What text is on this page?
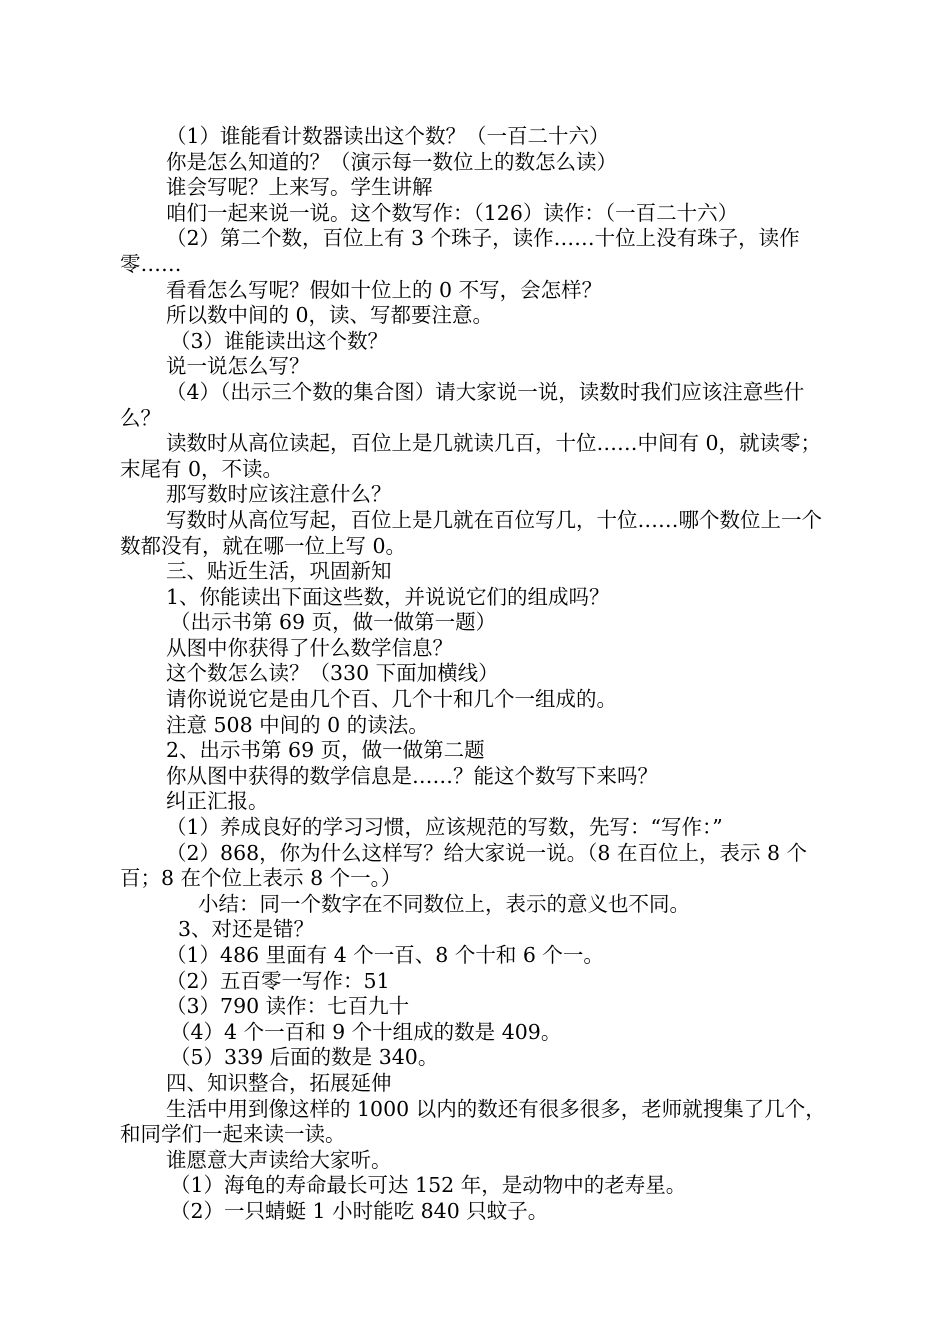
（1）谁能看计数器读出这个数？（一百二十六）

你是怎么知道的？（演示每一数位上的数怎么读）

谁会写呢？上来写。学生讲解

咱们一起来说一说。这个数写作：（126）读作：（一百二十六）

（2）第二个数，百位上有 3 个珠子，读作……十位上没有珠子，读作零……

看看怎么写呢？假如十位上的 0 不写，会怎样？

所以数中间的 0，读、写都要注意。

（3）谁能读出这个数？

说一说怎么写？

（4）（出示三个数的集合图）请大家说一说，读数时我们应该注意些什么？

读数时从高位读起，百位上是几就读几百，十位……中间有 0，就读零；末尾有 0，不读。

那写数时应该注意什么？

写数时从高位写起，百位上是几就在百位写几，十位……哪个数位上一个数都没有，就在哪一位上写 0。

三、贴近生活，巩固新知

1、你能读出下面这些数，并说说它们的组成吗？

（出示书第 69 页，做一做第一题）

从图中你获得了什么数学信息？

这个数怎么读？（330 下面加横线）

请你说说它是由几个百、几个十和几个一组成的。

注意 508 中间的 0 的读法。

2、出示书第 69 页，做一做第二题

你从图中获得的数学信息是……？能这个数写下来吗？

纠正汇报。

（1）养成良好的学习习惯，应该规范的写数，先写：“写作：”

（2）868，你为什么这样写？给大家说一说。（8 在百位上，表示 8 个百；8 在个位上表示 8 个一。）

小结：同一个数字在不同数位上，表示的意义也不同。

3、对还是错？

（1）486 里面有 4 个一百、8 个十和 6 个一。

（2）五百零一写作：51

（3）790 读作：七百九十

（4）4 个一百和 9 个十组成的数是 409。

（5）339 后面的数是 340。

四、知识整合，拓展延伸

生活中用到像这样的 1000 以内的数还有很多很多，老师就搜集了几个，和同学们一起来读一读。

谁愿意大声读给大家听。

（1）海龟的寿命最长可达 152 年，是动物中的老寿星。

（2）一只蜻蜓 1 小时能吃 840 只蚊子。
